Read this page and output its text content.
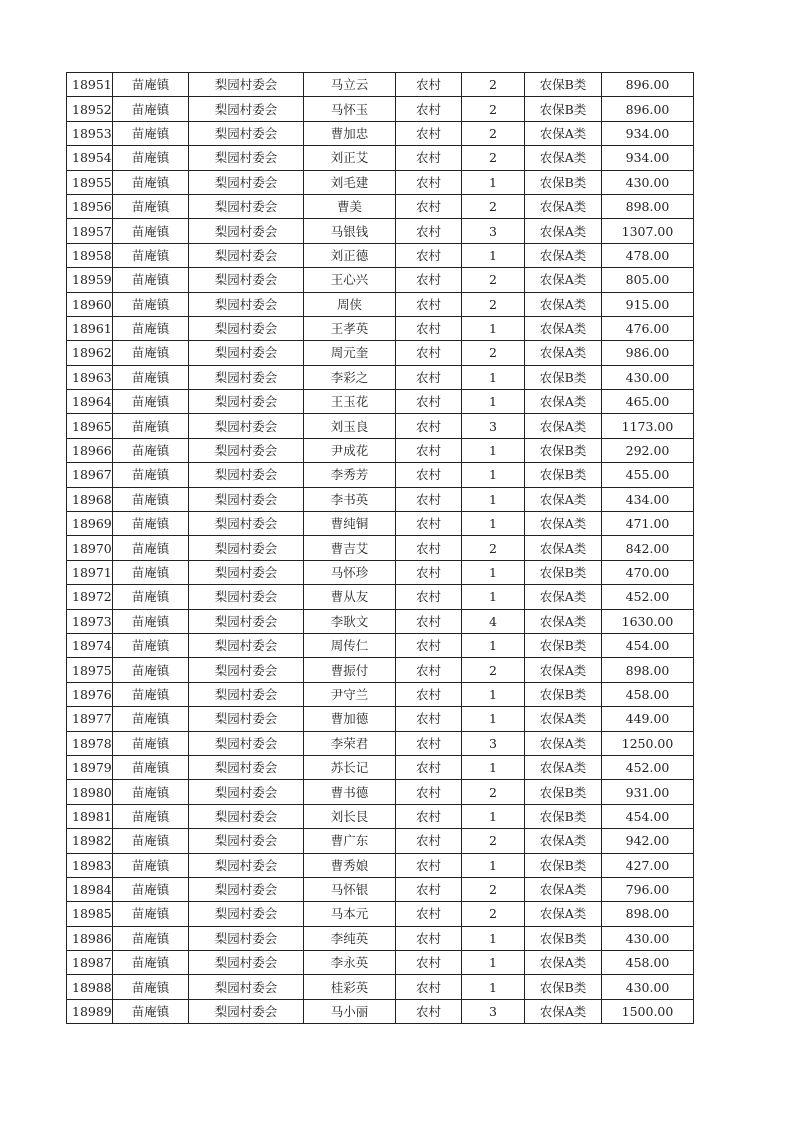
18951	苗庵镇	梨园村委会	马立云	农村	2	农保B类	896.00
18952	苗庵镇	梨园村委会	马怀玉	农村	2	农保B类	896.00
18953	苗庵镇	梨园村委会	曹加忠	农村	2	农保A类	934.00
18954	苗庵镇	梨园村委会	刘正艾	农村	2	农保A类	934.00
18955	苗庵镇	梨园村委会	刘毛建	农村	1	农保B类	430.00
18956	苗庵镇	梨园村委会	曹美	农村	2	农保A类	898.00
18957	苗庵镇	梨园村委会	马银钱	农村	3	农保A类	1307.00
18958	苗庵镇	梨园村委会	刘正德	农村	1	农保A类	478.00
18959	苗庵镇	梨园村委会	王心兴	农村	2	农保A类	805.00
18960	苗庵镇	梨园村委会	周侠	农村	2	农保A类	915.00
18961	苗庵镇	梨园村委会	王孝英	农村	1	农保A类	476.00
18962	苗庵镇	梨园村委会	周元奎	农村	2	农保A类	986.00
18963	苗庵镇	梨园村委会	李彩之	农村	1	农保B类	430.00
18964	苗庵镇	梨园村委会	王玉花	农村	1	农保A类	465.00
18965	苗庵镇	梨园村委会	刘玉良	农村	3	农保A类	1173.00
18966	苗庵镇	梨园村委会	尹成花	农村	1	农保B类	292.00
18967	苗庵镇	梨园村委会	李秀芳	农村	1	农保B类	455.00
18968	苗庵镇	梨园村委会	李书英	农村	1	农保A类	434.00
18969	苗庵镇	梨园村委会	曹纯铜	农村	1	农保A类	471.00
18970	苗庵镇	梨园村委会	曹吉艾	农村	2	农保A类	842.00
18971	苗庵镇	梨园村委会	马怀珍	农村	1	农保B类	470.00
18972	苗庵镇	梨园村委会	曹从友	农村	1	农保A类	452.00
18973	苗庵镇	梨园村委会	李耿文	农村	4	农保A类	1630.00
18974	苗庵镇	梨园村委会	周传仁	农村	1	农保B类	454.00
18975	苗庵镇	梨园村委会	曹振付	农村	2	农保A类	898.00
18976	苗庵镇	梨园村委会	尹守兰	农村	1	农保B类	458.00
18977	苗庵镇	梨园村委会	曹加德	农村	1	农保A类	449.00
18978	苗庵镇	梨园村委会	李荣君	农村	3	农保A类	1250.00
18979	苗庵镇	梨园村委会	苏长记	农村	1	农保A类	452.00
18980	苗庵镇	梨园村委会	曹书德	农村	2	农保B类	931.00
18981	苗庵镇	梨园村委会	刘长艮	农村	1	农保B类	454.00
18982	苗庵镇	梨园村委会	曹广东	农村	2	农保A类	942.00
18983	苗庵镇	梨园村委会	曹秀娘	农村	1	农保B类	427.00
18984	苗庵镇	梨园村委会	马怀银	农村	2	农保A类	796.00
18985	苗庵镇	梨园村委会	马本元	农村	2	农保A类	898.00
18986	苗庵镇	梨园村委会	李纯英	农村	1	农保B类	430.00
18987	苗庵镇	梨园村委会	李永英	农村	1	农保A类	458.00
18988	苗庵镇	梨园村委会	桂彩英	农村	1	农保B类	430.00
18989	苗庵镇	梨园村委会	马小丽	农村	3	农保A类	1500.00
